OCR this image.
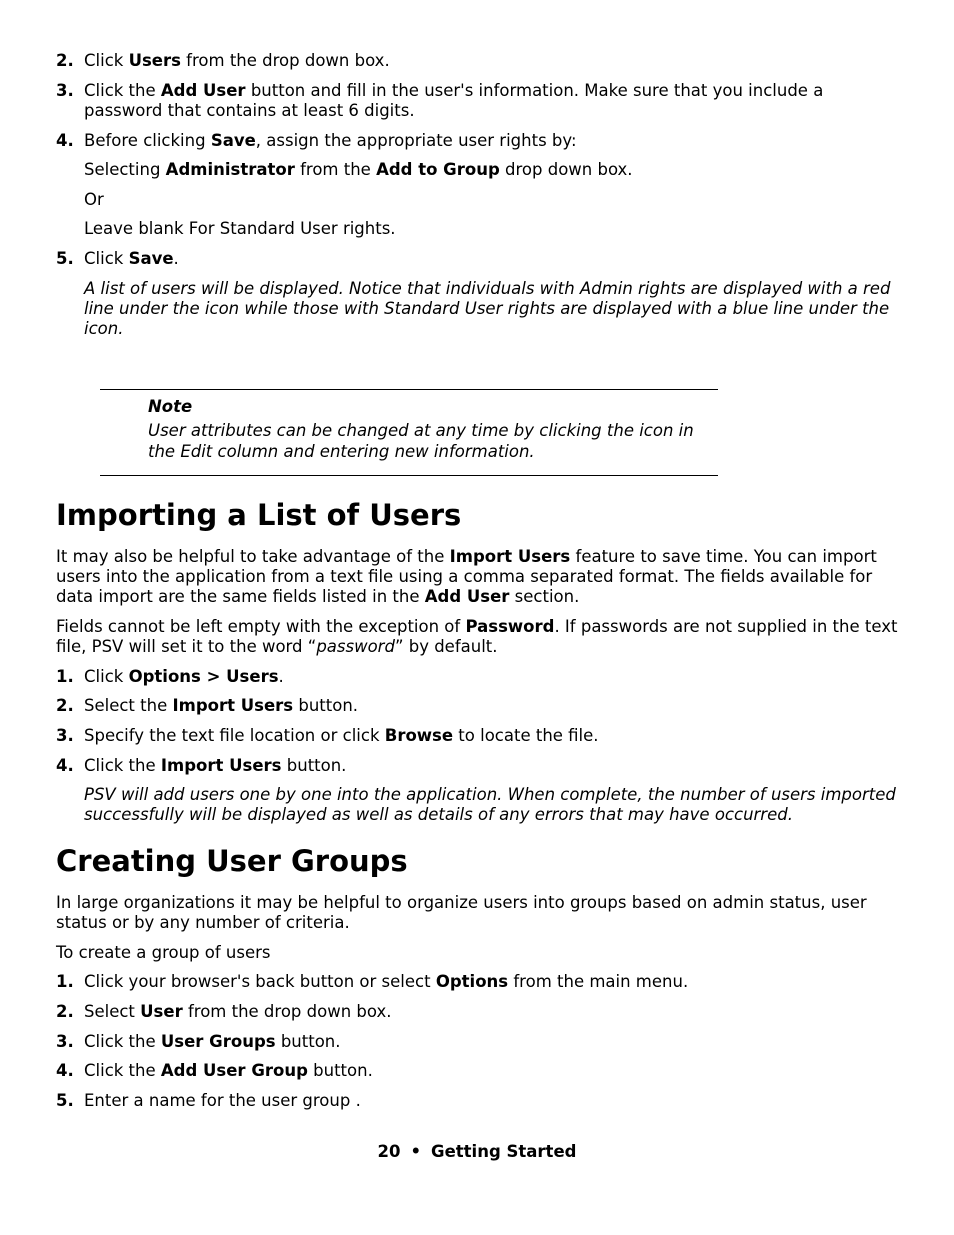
2. Click Users from the drop down box.
3. Click the Add User button and fill in the user's information. Make sure that you include a password that contains at least 6 digits.
4. Before clicking Save, assign the appropriate user rights by:
Selecting Administrator from the Add to Group drop down box.
Or
Leave blank For Standard User rights.
5. Click Save.
A list of users will be displayed. Notice that individuals with Admin rights are displayed with a red line under the icon while those with Standard User rights are displayed with a blue line under the icon.
Note
User attributes can be changed at any time by clicking the icon in the Edit column and entering new information.
Importing a List of Users
It may also be helpful to take advantage of the Import Users feature to save time. You can import users into the application from a text file using a comma separated format. The fields available for data import are the same fields listed in the Add User section.
Fields cannot be left empty with the exception of Password. If passwords are not supplied in the text file, PSV will set it to the word “password” by default.
1. Click Options > Users.
2. Select the Import Users button.
3. Specify the text file location or click Browse to locate the file.
4. Click the Import Users button.
PSV will add users one by one into the application. When complete, the number of users imported successfully will be displayed as well as details of any errors that may have occurred.
Creating User Groups
In large organizations it may be helpful to organize users into groups based on admin status, user status or by any number of criteria.
To create a group of users
1. Click your browser's back button or select Options from the main menu.
2. Select User from the drop down box.
3. Click the User Groups button.
4. Click the Add User Group button.
5. Enter a name for the user group .
20 • Getting Started
